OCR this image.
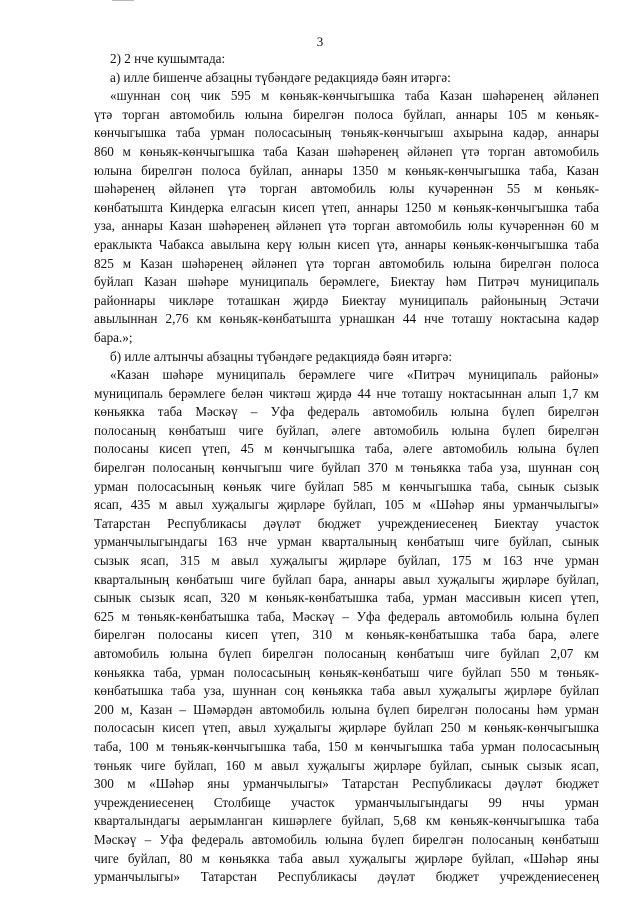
3
2) 2 нче кушымтада:
а) илле бишенче абзацны түбәндәге редакциядә бәян итәргә:
«шуннан соң чик 595 м көньяк-көнчыгышка таба Казан шәһәренең әйләнеп
үтә торган автомобиль юлына бирелгән полоса буйлап, аннары 105 м көньяк-
көнчыгышка таба урман полосасының төньяк-көнчыгыш ахырына кадәр, аннары
860 м көньяк-көнчыгышка таба Казан шәһәренең әйләнеп үтә торган автомобиль
юлына бирелгән полоса буйлап, аннары 1350 м көньяк-көнчыгышка таба, Казан
шәһәренең әйләнеп үтә торган автомобиль юлы кучәреннән 55 м көньяк-
көнбатышта Киндерка елгасын кисеп үтеп, аннары 1250 м көньяк-көнчыгышка таба
уза, аннары Казан шәһәренең әйләнеп үтә торган автомобиль юлы кучәреннән 60 м
ераклыкта Чабакса авылына керү юлын кисеп үтә, аннары көньяк-көнчыгышка таба
825 м Казан шәһәренең әйләнеп үтә торган автомобиль юлына бирелгән полоса
буйлап Казан шәһәре муниципаль берәмлеге, Биектау һәм Питрәч муниципаль
районнары чикләре тоташкан җирдә Биектау муниципаль районының Эстачи
авылыннан 2,76 км көньяк-көнбатышта урнашкан 44 нче тоташу ноктасына кадәр
бара.»;
б) илле алтынчы абзацны түбәндәге редакциядә бәян итәргә:
«Казан шәһәре муниципаль берәмлеге чиге «Питрәч муниципаль районы»
муниципаль берәмлеге белән чиктәш җирдә 44 нче тоташу ноктасыннан алып 1,7 км
көньякка таба Мәскәү – Уфа федераль автомобиль юлына бүлеп бирелгән
полосаның көнбатыш чиге буйлап, әлеге автомобиль юлына бүлеп бирелгән
полосаны кисеп үтеп, 45 м көнчыгышка таба, әлеге автомобиль юлына бүлеп
бирелгән полосаның көнчыгыш чиге буйлап 370 м төньякка таба уза, шуннан соң
урман полосасының көньяк чиге буйлап 585 м көнчыгышка таба, сынык сызык
ясап, 435 м авыл хуҗалыгы җирләре буйлап, 105 м «Шәһәр яны урманчылыгы»
Татарстан Республикасы дәүләт бюджет учреждениесенең Биектау участок
урманчылыгындагы 163 нче урман кварталының көнбатыш чиге буйлап, сынык
сызык ясап, 315 м авыл хуҗалыгы җирләре буйлап, 175 м 163 нче урман
кварталының көнбатыш чиге буйлап бара, аннары авыл хуҗалыгы җирләре буйлап,
сынык сызык ясап, 320 м көньяк-көнбатышка таба, урман массивын кисеп үтеп,
625 м төньяк-көнбатышка таба, Мәскәү – Уфа федераль автомобиль юлына бүлеп
бирелгән полосаны кисеп үтеп, 310 м көньяк-көнбатышка таба бара, әлеге
автомобиль юлына бүлеп бирелгән полосаның көнбатыш чиге буйлап 2,07 км
көньякка таба, урман полосасының көньяк-көнбатыш чиге буйлап 550 м төньяк-
көнбатышка таба уза, шуннан соң көньякка таба авыл хуҗалыгы җирләре буйлап
200 м, Казан – Шәмәрдән автомобиль юлына бүлеп бирелгән полосаны һәм урман
полосасын кисеп үтеп, авыл хуҗалыгы җирләре буйлап 250 м көньяк-көнчыгышка
таба, 100 м төньяк-көнчыгышка таба, 150 м көнчыгышка таба урман полосасының
төньяк чиге буйлап, 160 м авыл хуҗалыгы җирләре буйлап, сынык сызык ясап,
300 м «Шәһәр яны урманчылыгы» Татарстан Республикасы дәүләт бюджет
учреждениесенең Столбище участок урманчылыгындагы 99 нчы урман
кварталындагы аерымланган кишәрлеге буйлап, 5,68 км көньяк-көнчыгышка таба
Мәскәү – Уфа федераль автомобиль юлына бүлеп бирелгән полосаның көнбатыш
чиге буйлап, 80 м көньякка таба авыл хуҗалыгы җирләре буйлап, «Шәһәр яны
урманчылыгы» Татарстан Республикасы дәүләт бюджет учреждениесенең
